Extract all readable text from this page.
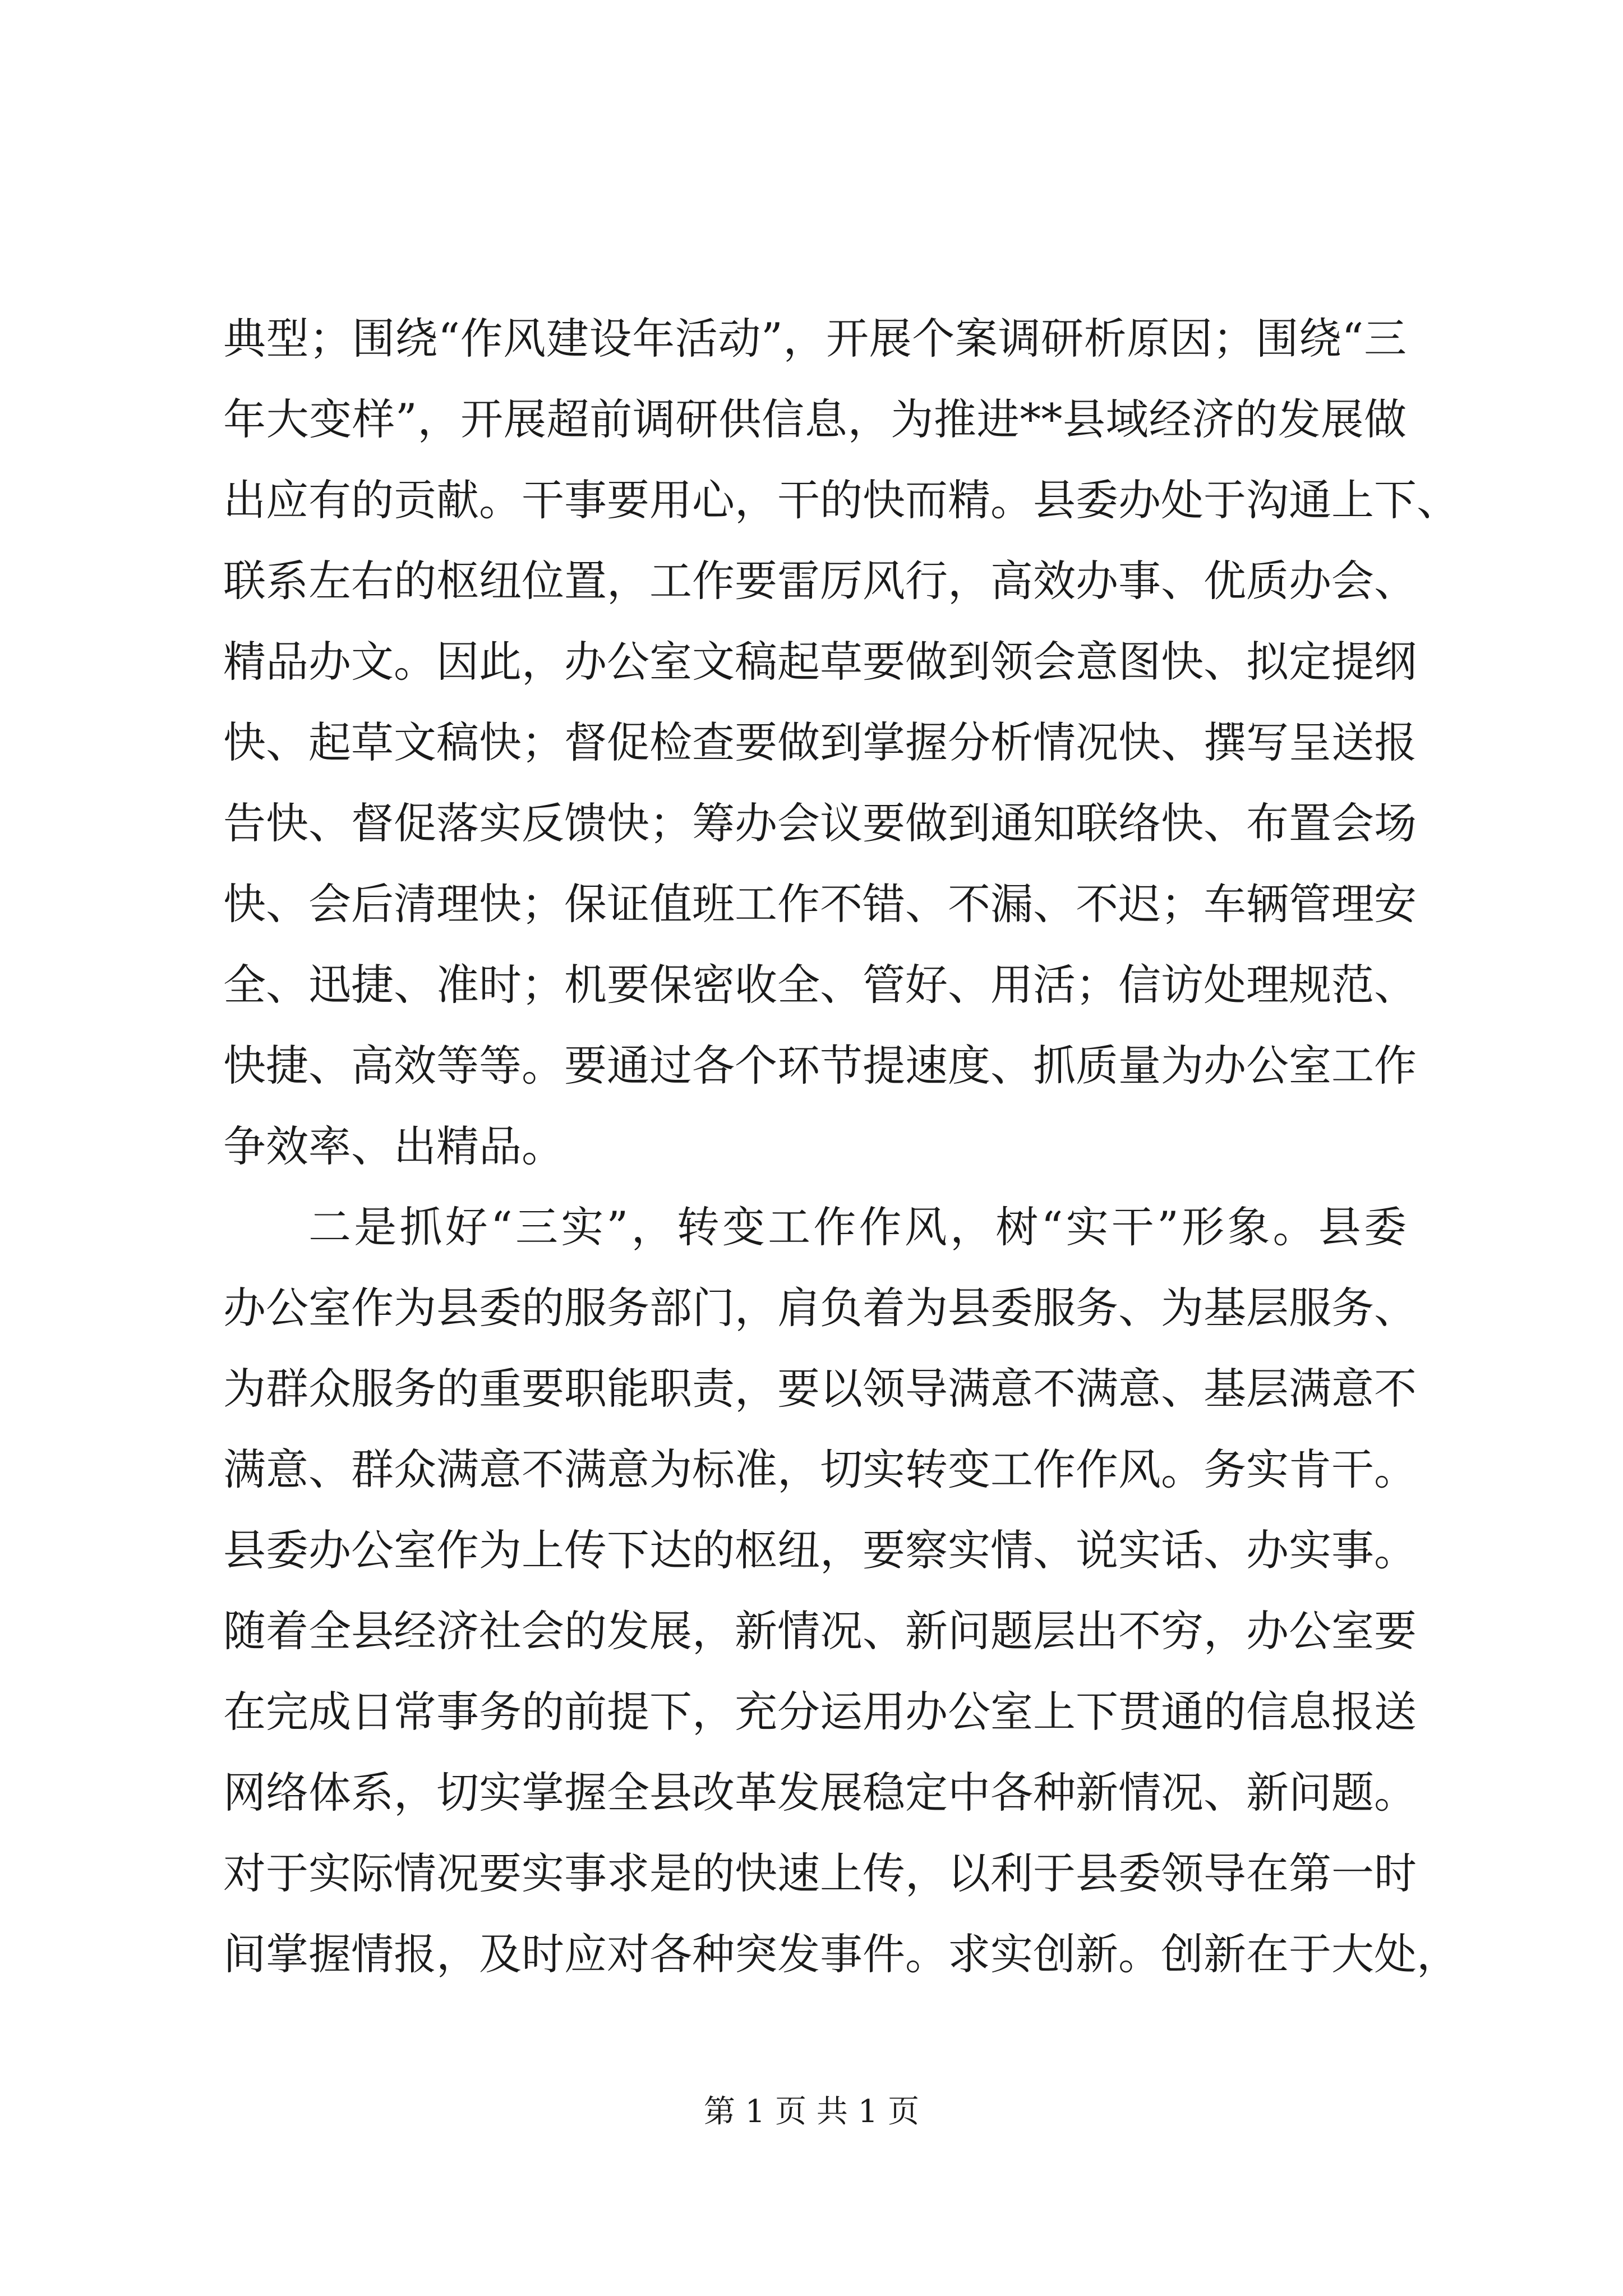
典型；围绕“作风建设年活动”，开展个案调研析原因；围绕“三
年大变样”，开展超前调研供信息，为推进**县域经济的发展做
出应有的贡献。干事要用心，干的快而精。县委办处于沟通上下、
联系左右的枢纽位置，工作要雷厉风行，高效办事、优质办会、
精品办文。因此，办公室文稿起草要做到领会意图快、拟定提纲
快、起草文稿快；督促检查要做到掌握分析情况快、撰写呈送报
告快、督促落实反馈快；筹办会议要做到通知联络快、布置会场
快、会后清理快；保证值班工作不错、不漏、不迟；车辆管理安
全、迅捷、准时；机要保密收全、管好、用活；信访处理规范、
快捷、高效等等。要通过各个环节提速度、抓质量为办公室工作
争效率、出精品。
二是抓好“三实”，转变工作作风，树“实干”形象。县委
办公室作为县委的服务部门，肩负着为县委服务、为基层服务、
为群众服务的重要职能职责，要以领导满意不满意、基层满意不
满意、群众满意不满意为标准，切实转变工作作风。务实肯干。
县委办公室作为上传下达的枢纽，要察实情、说实话、办实事。
随着全县经济社会的发展，新情况、新问题层出不穷，办公室要
在完成日常事务的前提下，充分运用办公室上下贯通的信息报送
网络体系，切实掌握全县改革发展稳定中各种新情况、新问题。
对于实际情况要实事求是的快速上传，以利于县委领导在第一时
间掌握情报，及时应对各种突发事件。求实创新。创新在于大处，
第 1 页 共 1 页
